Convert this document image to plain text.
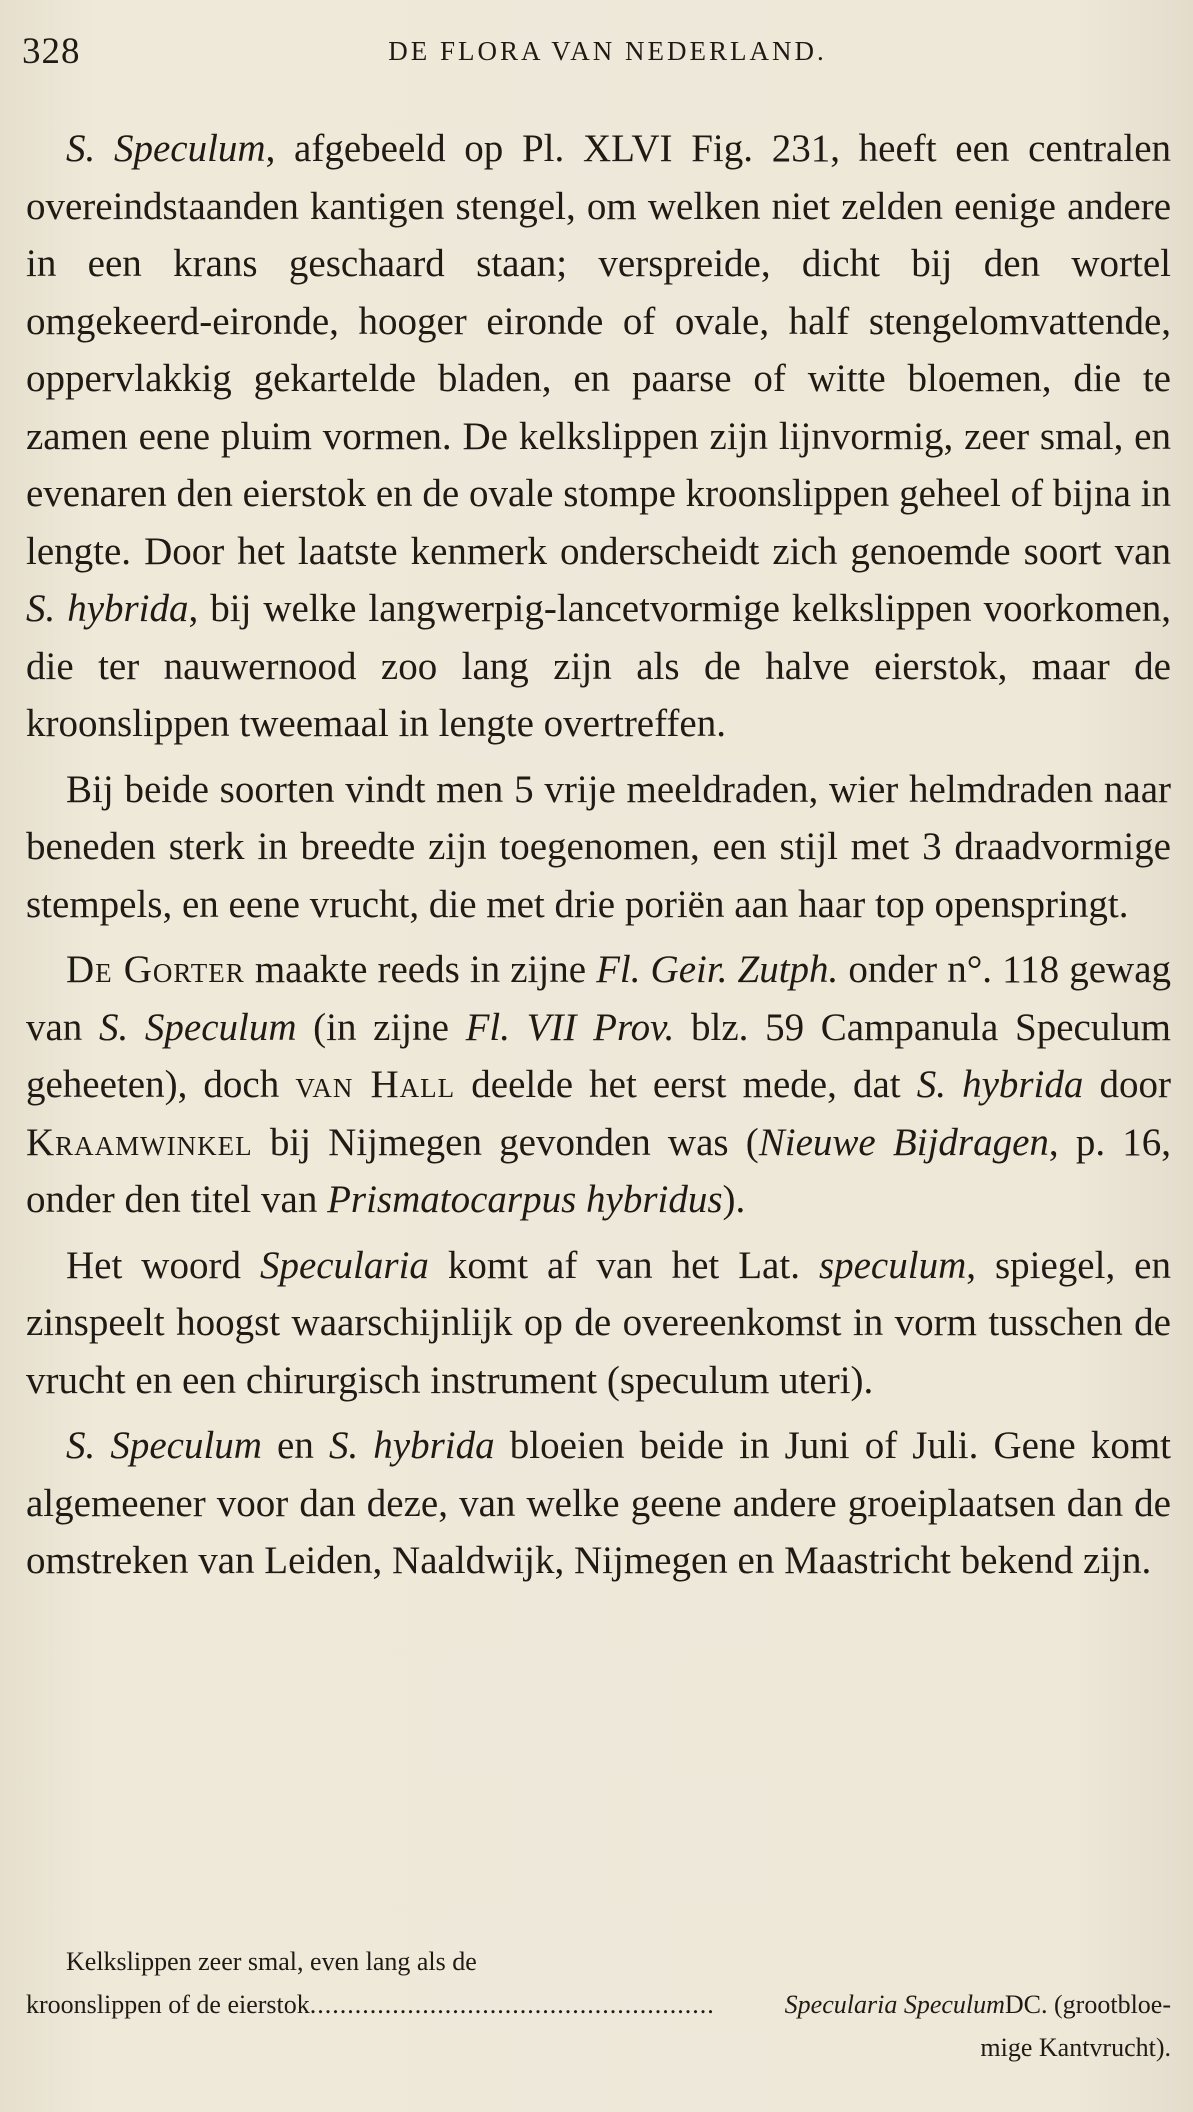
328	DE FLORA VAN NEDERLAND.

S. Speculum, afgebeeld op Pl. XLVI Fig. 231, heeft een centralen overeindstaanden kantigen stengel, om welken niet zelden eenige andere in een krans geschaard staan; verspreide, dicht bij den wortel omgekeerd-eironde, hooger eironde of ovale, half stengelomvattende, oppervlakkig gekartelde bladen, en paarse of witte bloemen, die te zamen eene pluim vormen. De kelkslippen zijn lijnvormig, zeer smal, en evenaren den eierstok en de ovale stompe kroonslippen geheel of bijna in lengte. Door het laatste kenmerk onderscheidt zich genoemde soort van S. hybrida, bij welke langwerpig-lancetvormige kelkslippen voorkomen, die ter nauwernood zoo lang zijn als de halve eierstok, maar de kroonslippen tweemaal in lengte overtreffen.

Bij beide soorten vindt men 5 vrije meeldraden, wier helmdraden naar beneden sterk in breedte zijn toegenomen, een stijl met 3 draadvormige stempels, en eene vrucht, die met drie poriën aan haar top openspringt.

De Gorter maakte reeds in zijne Fl. Geir. Zutph. onder n°. 118 gewag van S. Speculum (in zijne Fl. VII Prov. blz. 59 Campanula Speculum geheeten), doch van Hall deelde het eerst mede, dat S. hybrida door Kraamwinkel bij Nijmegen gevonden was (Nieuwe Bijdragen, p. 16, onder den titel van Prismatocarpus hybridus).

Het woord Specularia komt af van het Lat. speculum, spiegel, en zinspeelt hoogst waarschijnlijk op de overeenkomst in vorm tusschen de vrucht en een chirurgisch instrument (speculum uteri).

S. Speculum en S. hybrida bloeien beide in Juni of Juli. Gene komt algemeener voor dan deze, van welke geene andere groeiplaatsen dan de omstreken van Leiden, Naaldwijk, Nijmegen en Maastricht bekend zijn.

Kelkslippen zeer smal, even lang als de
kroonslippen of de eierstok ......................................................	Specularia Speculum DC. (grootbloe-
mige Kantvrucht).
